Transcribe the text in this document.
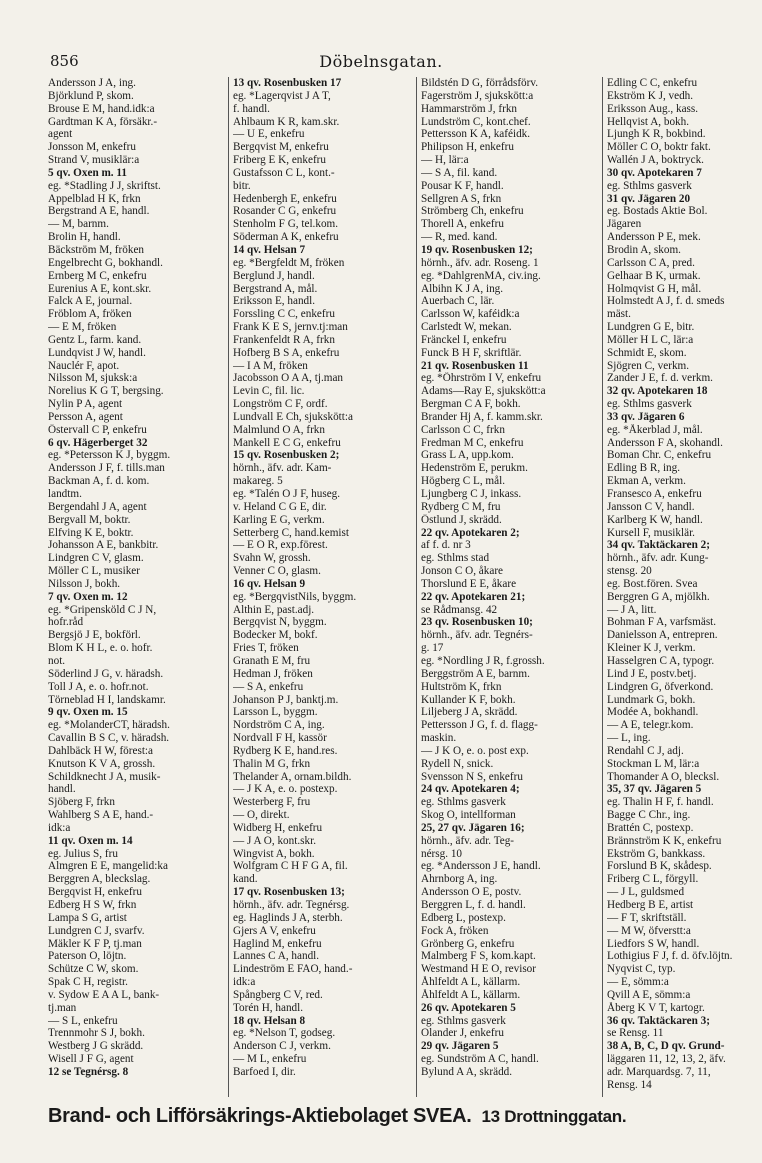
856	Döbelnsgatan.
Andersson J A, ing.
Björklund P, skom.
Brouse E M, hand.idk:a
Gardtman K A, försäkr.-
agent
Jonsson M, enkefru
Strand V, musiklär:a
5 qv. Oxen m. 11
eg. *Stadling J J, skriftst.
Appelblad H K, frkn
Bergstrand A E, handl.
— M, barnm.
Brolin H, handl.
Bäckström M, fröken
Engelbrecht G, bokhandl.
Ernberg M C, enkefru
Eurenius A E, kont.skr.
Falck A E, journal.
Fröblom A, fröken
— E M, fröken
Gentz L, farm. kand.
Lundqvist J W, handl.
Nauclér F, apot.
Nilsson M, sjuksk:a
Norelius K G T, bergsing.
Nylin P A, agent
Persson A, agent
Östervall C P, enkefru
6 qv. Hägerberget 32
eg. *Petersson K J, byggm.
Andersson J F, f. tills.man
Backman A, f. d. kom.
landtm.
Bergendahl J A, agent
Bergvall M, boktr.
Elfving K E, boktr.
Johansson A E, bankbitr.
Lindgren C V, glasm.
Möller C L, musiker
Nilsson J, bokh.
7 qv. Oxen m. 12
eg. *Gripensköld C J N,
hofr.råd
Bergsjö J E, bokförl.
Blom K H L, e. o. hofr.
not.
Söderlind J G, v. häradsh.
Toll J A, e. o. hofr.not.
Törneblad H I, landskamr.
9 qv. Oxen m. 15
eg. *MolanderCT, häradsh.
Cavallin B S C, v. häradsh.
Dahlbäck H W, förest:a
Knutson K V A, grossh.
Schildknecht J A, musik-
handl.
Sjöberg F, frkn
Wahlberg S A E, hand.-
idk:a
11 qv. Oxen m. 14
eg. Julius S, fru
Almgren E E, mangelid:ka
Berggren A, bleckslag.
Bergqvist H, enkefru
Edberg H S W, frkn
Lampa S G, artist
Lundgren C J, svarfv.
Mäkler K F P, tj.man
Paterson O, löjtn.
Schütze C W, skom.
Spak C H, registr.
v. Sydow E A A L, bank-
tj.man
— S L, enkefru
Trennmohr S J, bokh.
Westberg J G skrädd.
Wisell J F G, agent
12 se Tegnérsg. 8
13 qv. Rosenbusken 17
eg. *Lagerqvist J A T,
f. handl.
Ahlbaum K R, kam.skr.
— U E, enkefru
Bergqvist M, enkefru
Friberg E K, enkefru
Gustafsson C L, kont.-
bitr.
Hedenbergh E, enkefru
Rosander C G, enkefru
Stenholm F G, tel.kom.
Söderman A K, enkefru
14 qv. Helsan 7
eg. *Bergfeldt M, fröken
Berglund J, handl.
Bergstrand A, mål.
Eriksson E, handl.
Forssling C C, enkefru
Frank K E S, jernv.tj:man
Frankenfeldt R A, frkn
Hofberg B S A, enkefru
— I A M, fröken
Jacobsson O A A, tj.man
Levin C, fil. lic.
Longström C F, ordf.
Lundvall E Ch, sjukskött:a
Malmlund O A, frkn
Mankell E C G, enkefru
15 qv. Rosenbusken 2;
hörnh., äfv. adr. Kam-
makareg. 5
eg. *Talén O J F, huseg.
v. Heland C G E, dir.
Karling E G, verkm.
Setterberg C, hand.kemist
— E O R, exp.förest.
Svahn W, grossh.
Venner C O, glasm.
16 qv. Helsan 9
eg. *BergqvistNils, byggm.
Althin E, past.adj.
Bergqvist N, byggm.
Bodecker M, bokf.
Fries T, fröken
Granath E M, fru
Hedman J, fröken
— S A, enkefru
Johanson P J, banktj.m.
Larsson L, byggm.
Nordström C A, ing.
Nordvall F H, kassör
Rydberg K E, hand.res.
Thalin M G, frkn
Thelander A, ornam.bildh.
— J K A, e. o. postexp.
Westerberg F, fru
— O, direkt.
Widberg H, enkefru
— J A O, kont.skr.
Wingvist A, bokh.
Wolfgram C H F G A, fil.
kand.
17 qv. Rosenbusken 13;
hörnh., äfv. adr. Tegnérsg.
eg. Haglinds J A, sterbh.
Gjers A V, enkefru
Haglind M, enkefru
Lannes C A, handl.
Lindeström E FAO, hand.-
idk:a
Spångberg C V, red.
Torén H, handl.
18 qv. Helsan 8
eg. *Nelson T, godseg.
Anderson C J, verkm.
— M L, enkefru
Barfoed I, dir.
Bildstén D G, förrådsförv.
Fagerström J, sjukskött:a
Hammarström J, frkn
Lundström C, kont.chef.
Pettersson K A, kaféidk.
Philipson H, enkefru
— H, lär:a
— S A, fil. kand.
Pousar K F, handl.
Sellgren A S, frkn
Strömberg Ch, enkefru
Thorell A, enkefru
— R, med. kand.
19 qv. Rosenbusken 12;
hörnh., äfv. adr. Roseng. 1
eg. *DahlgrenMA, civ.ing.
Albihn K J A, ing.
Auerbach C, lär.
Carlsson W, kaféidk:a
Carlstedt W, mekan.
Fränckel I, enkefru
Funck B H F, skriftlär.
21 qv. Rosenbusken 11
eg. *Öhrström I V, enkefru
Adams—Ray E, sjukskött:a
Bergman C A F, bokh.
Brander Hj A, f. kamm.skr.
Carlsson C C, frkn
Fredman M C, enkefru
Grass L A, upp.kom.
Hedenström E, perukm.
Högberg C L, mål.
Ljungberg C J, inkass.
Rydberg C M, fru
Östlund J, skrädd.
22 qv. Apotekaren 2;
af f. d. nr 3
eg. Sthlms stad
Jonson C O, åkare
Thorslund E E, åkare
22 qv. Apotekaren 21;
se Rådmansg. 42
23 qv. Rosenbusken 10;
hörnh., äfv. adr. Tegnérs-
g. 17
eg. *Nordling J R, f.grossh.
Berggström A E, barnm.
Hultström K, frkn
Kullander K F, bokh.
Liljeberg J A, skrädd.
Pettersson J G, f. d. flagg-
maskin.
— J K O, e. o. post exp.
Rydell N, snick.
Svensson N S, enkefru
24 qv. Apotekaren 4;
eg. Sthlms gasverk
Skog O, intellforman
25, 27 qv. Jägaren 16;
hörnh., äfv. adr. Teg-
nérsg. 10
eg. *Andersson J E, handl.
Ahrnborg A, ing.
Andersson O E, postv.
Berggren L, f. d. handl.
Edberg L, postexp.
Fock A, fröken
Grönberg G, enkefru
Malmberg F S, kom.kapt.
Westmand H E O, revisor
Åhlfeldt A L, källarm.
Åhlfeldt A L, källarm.
26 qv. Apotekaren 5
eg. Sthlms gasverk
Olander J, enkefru
29 qv. Jägaren 5
eg. Sundström A C, handl.
Bylund A A, skrädd.
Edling C C, enkefru
Ekström K J, vedh.
Eriksson Aug., kass.
Hellqvist A, bokh.
Ljungh K R, bokbind.
Möller C O, boktr fakt.
Wallén J A, boktryck.
30 qv. Apotekaren 7
eg. Sthlms gasverk
31 qv. Jägaren 20
eg. Bostads Aktie Bol.
Jägaren
Andersson P E, mek.
Brodin A, skom.
Carlsson C A, pred.
Gelhaar B K, urmak.
Holmqvist G H, mål.
Holmstedt A J, f. d. smeds
mäst.
Lundgren G E, bitr.
Möller H L C, lär:a
Schmidt E, skom.
Sjögren C, verkm.
Zander J E, f. d. verkm.
32 qv. Apotekaren 18
eg. Sthlms gasverk
33 qv. Jägaren 6
eg. *Åkerblad J, mål.
Andersson F A, skohandl.
Boman Chr. C, enkefru
Edling B R, ing.
Ekman A, verkm.
Fransesco A, enkefru
Jansson C V, handl.
Karlberg K W, handl.
Kursell F, musiklär.
34 qv. Taktäckaren 2;
hörnh., äfv. adr. Kung-
stensg. 20
eg. Bost.fören. Svea
Berggren G A, mjölkh.
— J A, litt.
Bohman F A, varfsmäst.
Danielsson A, entrepren.
Kleiner K J, verkm.
Hasselgren C A, typogr.
Lind J E, postv.betj.
Lindgren G, öfverkond.
Lundmark G, bokh.
Modée A, bokhandl.
— A E, telegr.kom.
— L, ing.
Rendahl C J, adj.
Stockman L M, lär:a
Thomander A O, blecksl.
35, 37 qv. Jägaren 5
eg. Thalin H F, f. handl.
Bagge C Chr., ing.
Brattén C, postexp.
Brännström K K, enkefru
Ekström G, bankkass.
Forslund B K, skådesp.
Friberg C L, förgyll.
— J L, guldsmed
Hedberg B E, artist
— F T, skriftställ.
— M W, öfverstt:a
Liedfors S W, handl.
Lothigius F J, f. d. öfv.löjtn.
Nyqvist C, typ.
— E, sömm:a
Qvill A E, sömm:a
Åberg K V T, kartogr.
36 qv. Taktäckaren 3;
se Rensg. 11
38 A, B, C, D qv. Grund-
läggaren 11, 12, 13, 2, äfv.
adr. Marquardsg. 7, 11,
Rensg. 14
Brand- och Lifförsäkrings-Aktiebolaget SVEA. 13 Drottninggatan.
